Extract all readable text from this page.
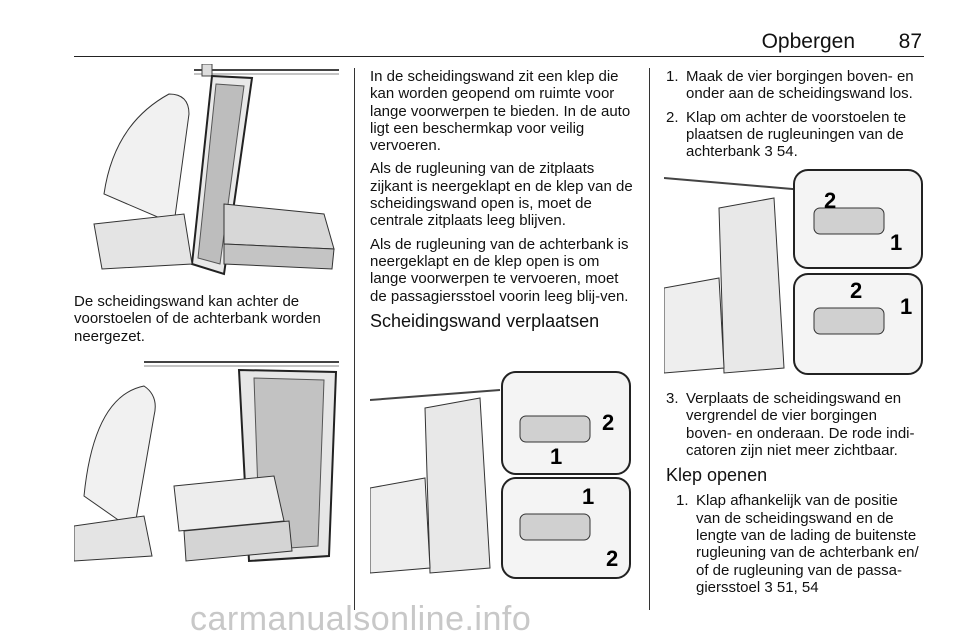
Opbergen 87

De scheidingswand kan achter de voorstoelen of de achterbank worden neergezet.

In de scheidingswand zit een klep die kan worden geopend om ruimte voor lange voorwerpen te bieden. In de auto ligt een beschermkap voor veilig vervoeren.

Als de rugleuning van de zitplaats zijkant is neergeklapt en de klep van de scheidingswand open is, moet de centrale zitplaats leeg blijven.

Als de rugleuning van de achterbank is neergeklapt en de klep open is om lange voorwerpen te vervoeren, moet de passagiersstoel voorin leeg blij-ven.

Scheidingswand verplaatsen
2
1
1
2
1. Maak de vier borgingen boven- en onder aan de scheidingswand los.
2. Klap om achter de voorstoelen te plaatsen de rugleuningen van de achterbank 3 54.
2
1
2
1
3. Verplaats de scheidingswand en vergrendel de vier borgingen boven- en onderaan. De rode indi-catoren zijn niet meer zichtbaar.
Klep openen
1. Klap afhankelijk van de positie van de scheidingswand en de lengte van de lading de buitenste rugleuning van de achterbank en/ of de rugleuning van de passa-giersstoel 3 51, 54
carmanualsonline.info
